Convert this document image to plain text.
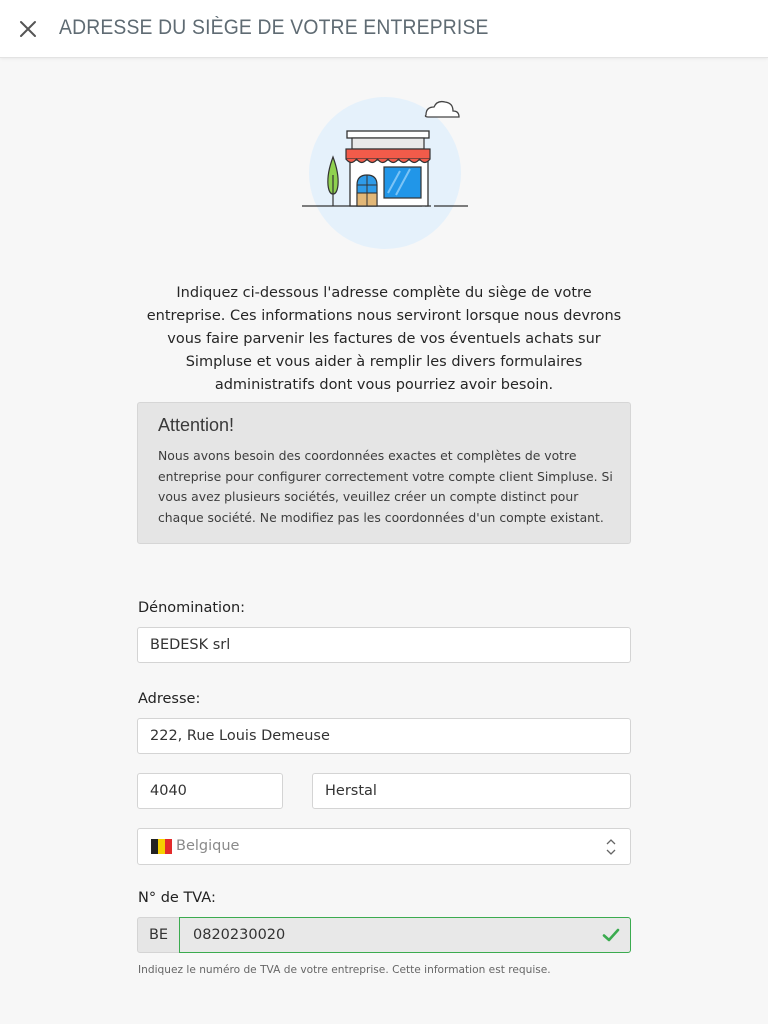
ADRESSE DU SIÈGE DE VOTRE ENTREPRISE

Indiquez ci-dessous l'adresse complète du siège de votre entreprise. Ces informations nous serviront lorsque nous devrons vous faire parvenir les factures de vos éventuels achats sur Simpluse et vous aider à remplir les divers formulaires administratifs dont vous pourriez avoir besoin.

Attention!
Nous avons besoin des coordonnées exactes et complètes de votre entreprise pour configurer correctement votre compte client Simpluse. Si vous avez plusieurs sociétés, veuillez créer un compte distinct pour chaque société. Ne modifiez pas les coordonnées d'un compte existant.
Dénomination:
BEDESK srl
Adresse:
222, Rue Louis Demeuse
4040	Herstal
Belgique
N° de TVA:
BE	0820230020
Indiquez le numéro de TVA de votre entreprise. Cette information est requise.
